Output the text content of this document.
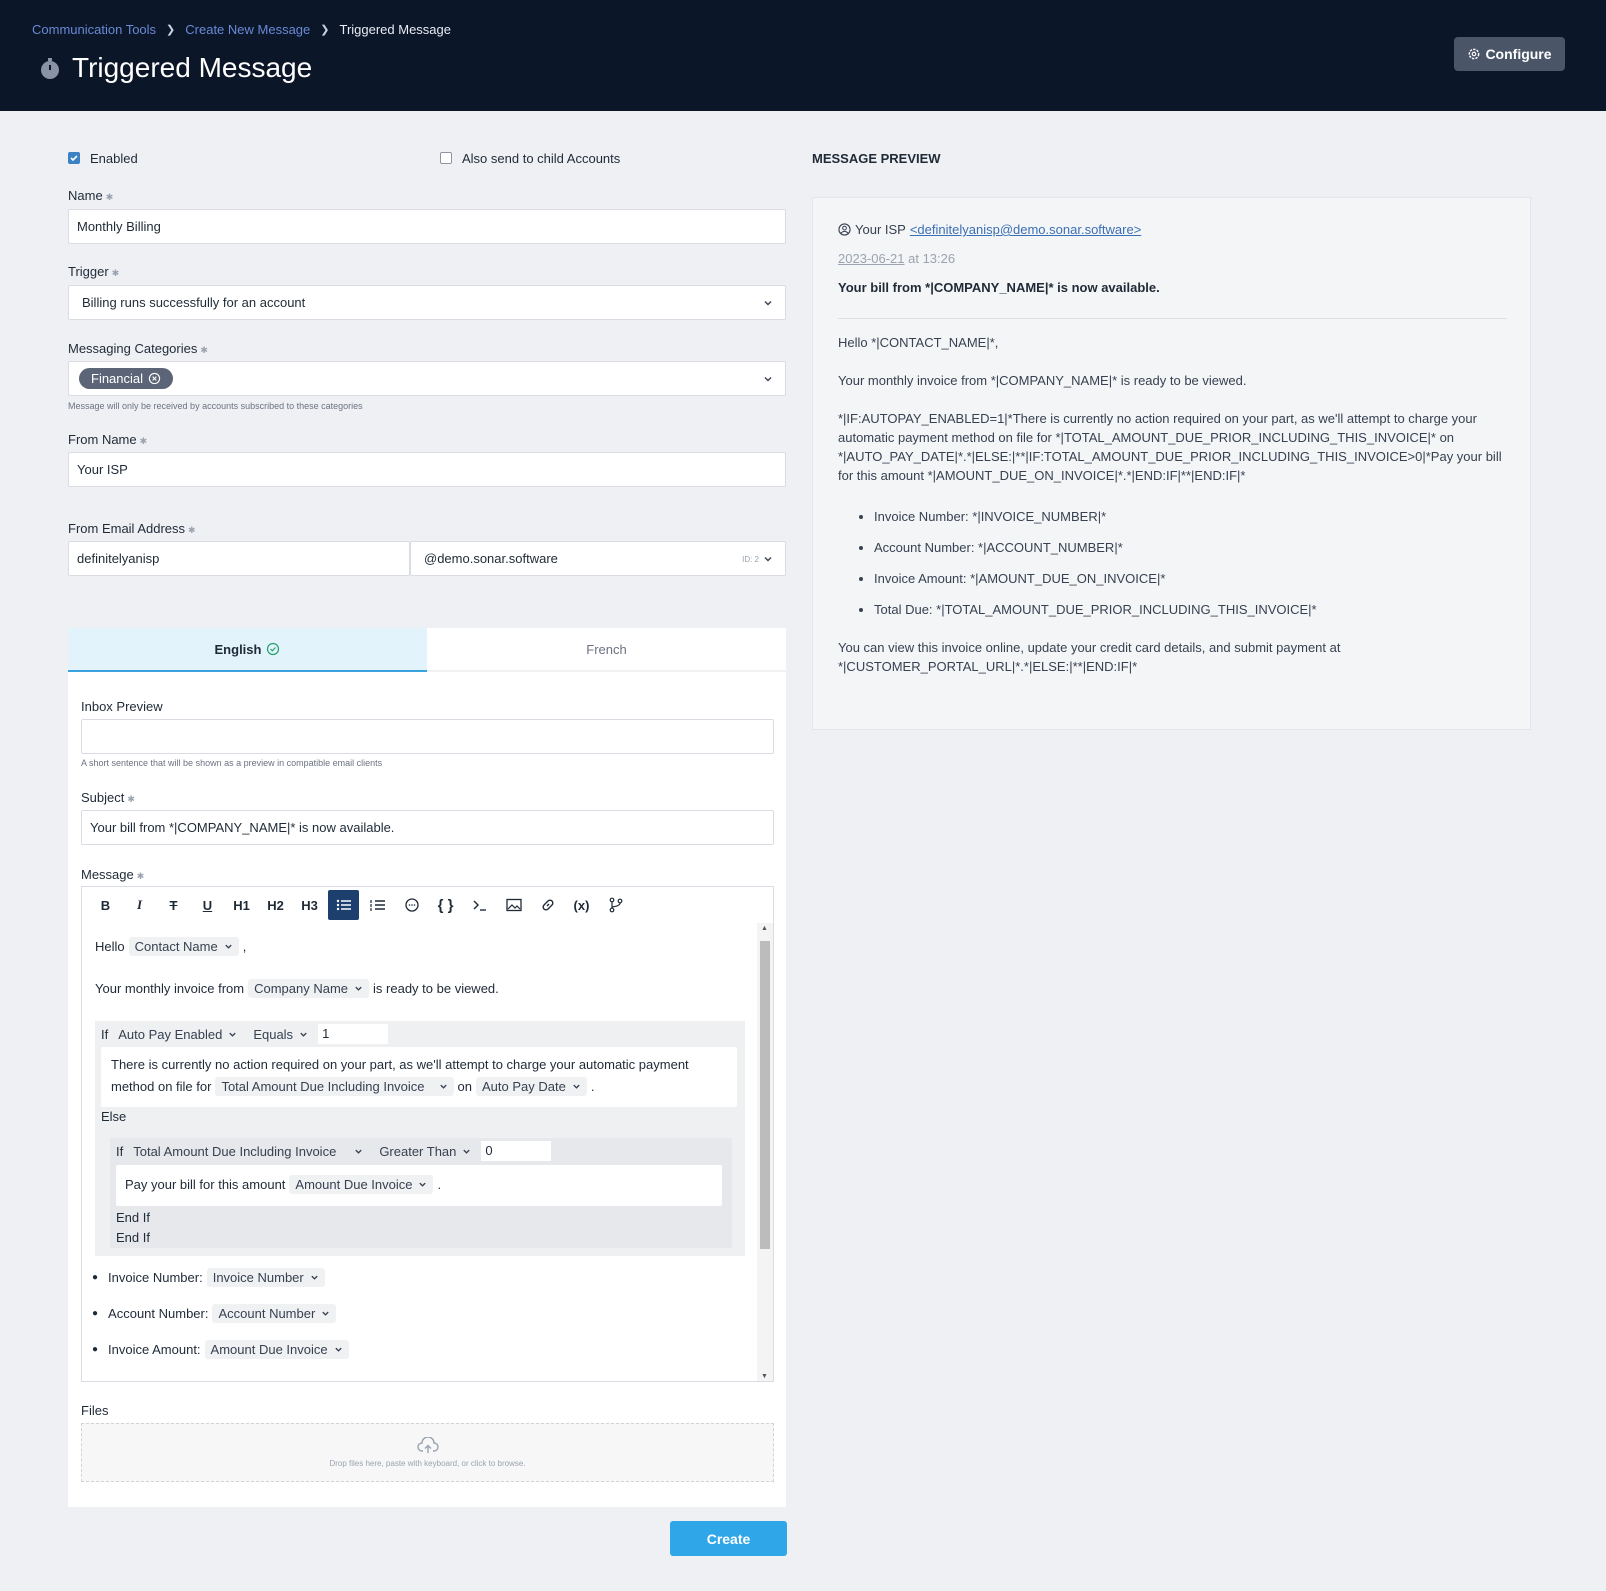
Communication Tools ❯ Create New Message ❯ Triggered Message
Triggered Message	Configure
Enabled	Also send to child Accounts
Name ✱
Monthly Billing
Trigger ✱
Billing runs successfully for an account
Messaging Categories ✱
Financial
Message will only be received by accounts subscribed to these categories
From Name ✱
Your ISP
From Email Address ✱
definitelyanisp	@demo.sonar.software	ID: 2
English	French
Inbox Preview
A short sentence that will be shown as a preview in compatible email clients
Subject ✱
Your bill from *|COMPANY_NAME|* is now available.
Message ✱
B I T U H1 H2 H3	{ }	(x)
Hello Contact Name ,
Your monthly invoice from Company Name is ready to be viewed.
If Auto Pay Enabled Equals	1
There is currently no action required on your part, as we'll attempt to charge your automatic payment
method on file for Total Amount Due Including Invoice	on Auto Pay Date .
Else
If Total Amount Due Including Invoice	Greater Than	0
Pay your bill for this amount Amount Due Invoice .
End If
End If
● Invoice Number: Invoice Number
● Account Number: Account Number
● Invoice Amount: Amount Due Invoice
▲
▼
Files
Drop files here, paste with keyboard, or click to browse.
Create
MESSAGE PREVIEW
Your ISP <definitelyanisp@demo.sonar.software>
2023-06-21 at 13:26
Your bill from *|COMPANY_NAME|* is now available.
Hello *|CONTACT_NAME|*,
Your monthly invoice from *|COMPANY_NAME|* is ready to be viewed.
*|IF:AUTOPAY_ENABLED=1|*There is currently no action required on your part, as we'll attempt to charge your automatic payment method on file for *|TOTAL_AMOUNT_DUE_PRIOR_INCLUDING_THIS_INVOICE|* on *|AUTO_PAY_DATE|*.*|ELSE:|**|IF:TOTAL_AMOUNT_DUE_PRIOR_INCLUDING_THIS_INVOICE>0|*Pay your bill for this amount *|AMOUNT_DUE_ON_INVOICE|*.*|END:IF|**|END:IF|*
• Invoice Number: *|INVOICE_NUMBER|*
• Account Number: *|ACCOUNT_NUMBER|*
• Invoice Amount: *|AMOUNT_DUE_ON_INVOICE|*
• Total Due: *|TOTAL_AMOUNT_DUE_PRIOR_INCLUDING_THIS_INVOICE|*
You can view this invoice online, update your credit card details, and submit payment at *|CUSTOMER_PORTAL_URL|*.*|ELSE:|**|END:IF|*
